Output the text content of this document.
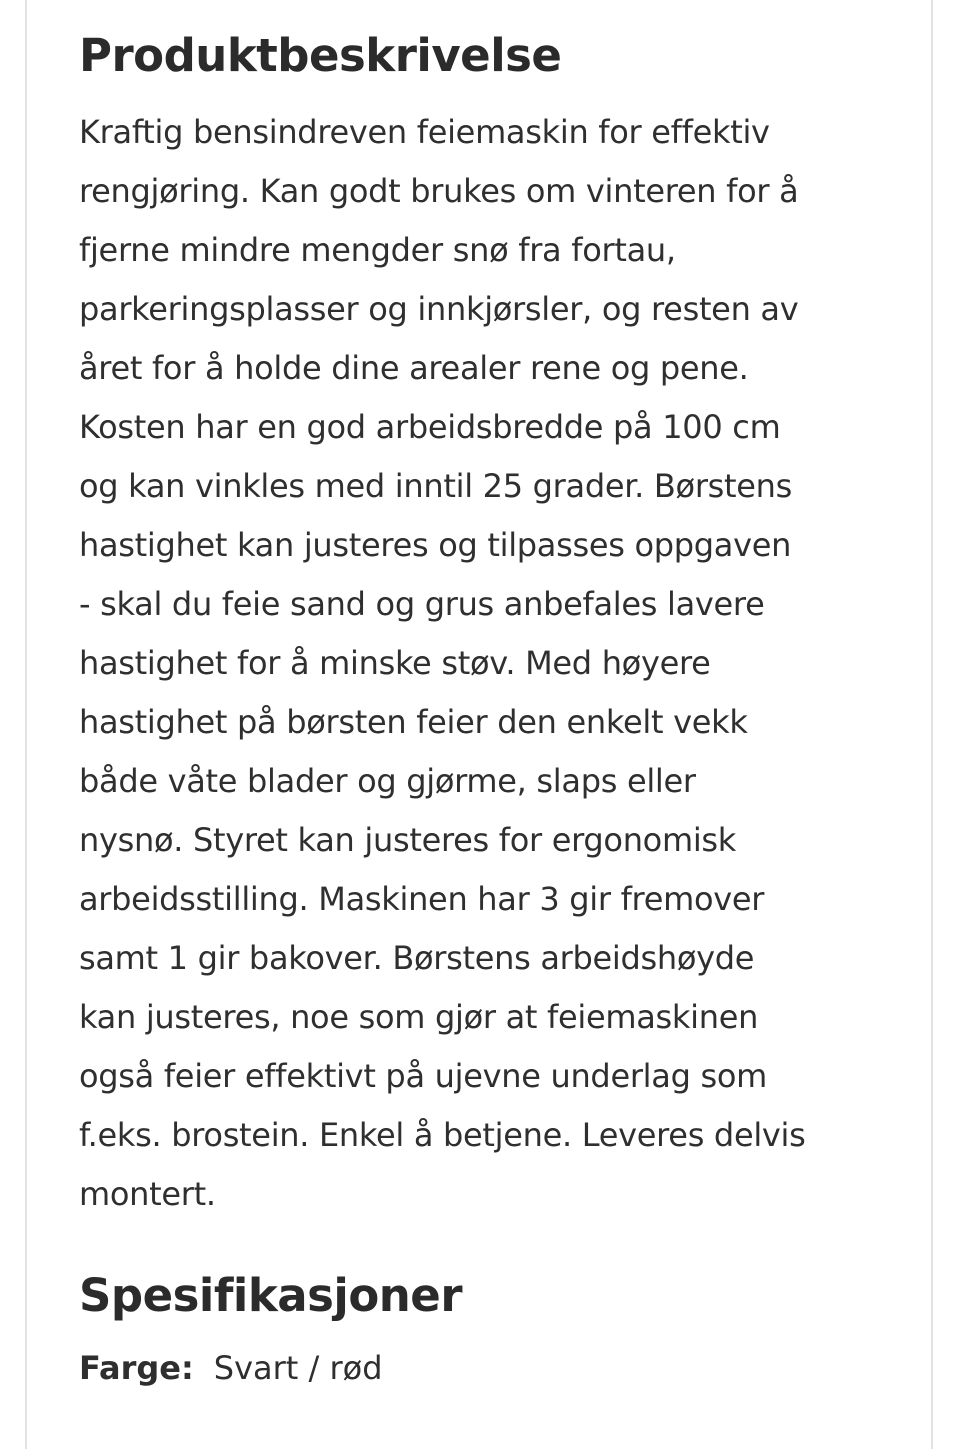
Produktbeskrivelse

Kraftig bensindreven feiemaskin for effektiv
rengjøring. Kan godt brukes om vinteren for å
fjerne mindre mengder snø fra fortau,
parkeringsplasser og innkjørsler, og resten av
året for å holde dine arealer rene og pene.
Kosten har en god arbeidsbredde på 100 cm
og kan vinkles med inntil 25 grader. Børstens
hastighet kan justeres og tilpasses oppgaven
- skal du feie sand og grus anbefales lavere
hastighet for å minske støv. Med høyere
hastighet på børsten feier den enkelt vekk
både våte blader og gjørme, slaps eller
nysnø. Styret kan justeres for ergonomisk
arbeidsstilling. Maskinen har 3 gir fremover
samt 1 gir bakover. Børstens arbeidshøyde
kan justeres, noe som gjør at feiemaskinen
også feier effektivt på ujevne underlag som
f.eks. brostein. Enkel å betjene. Leveres delvis
montert.

Spesifikasjoner
Farge: Svart / rød
